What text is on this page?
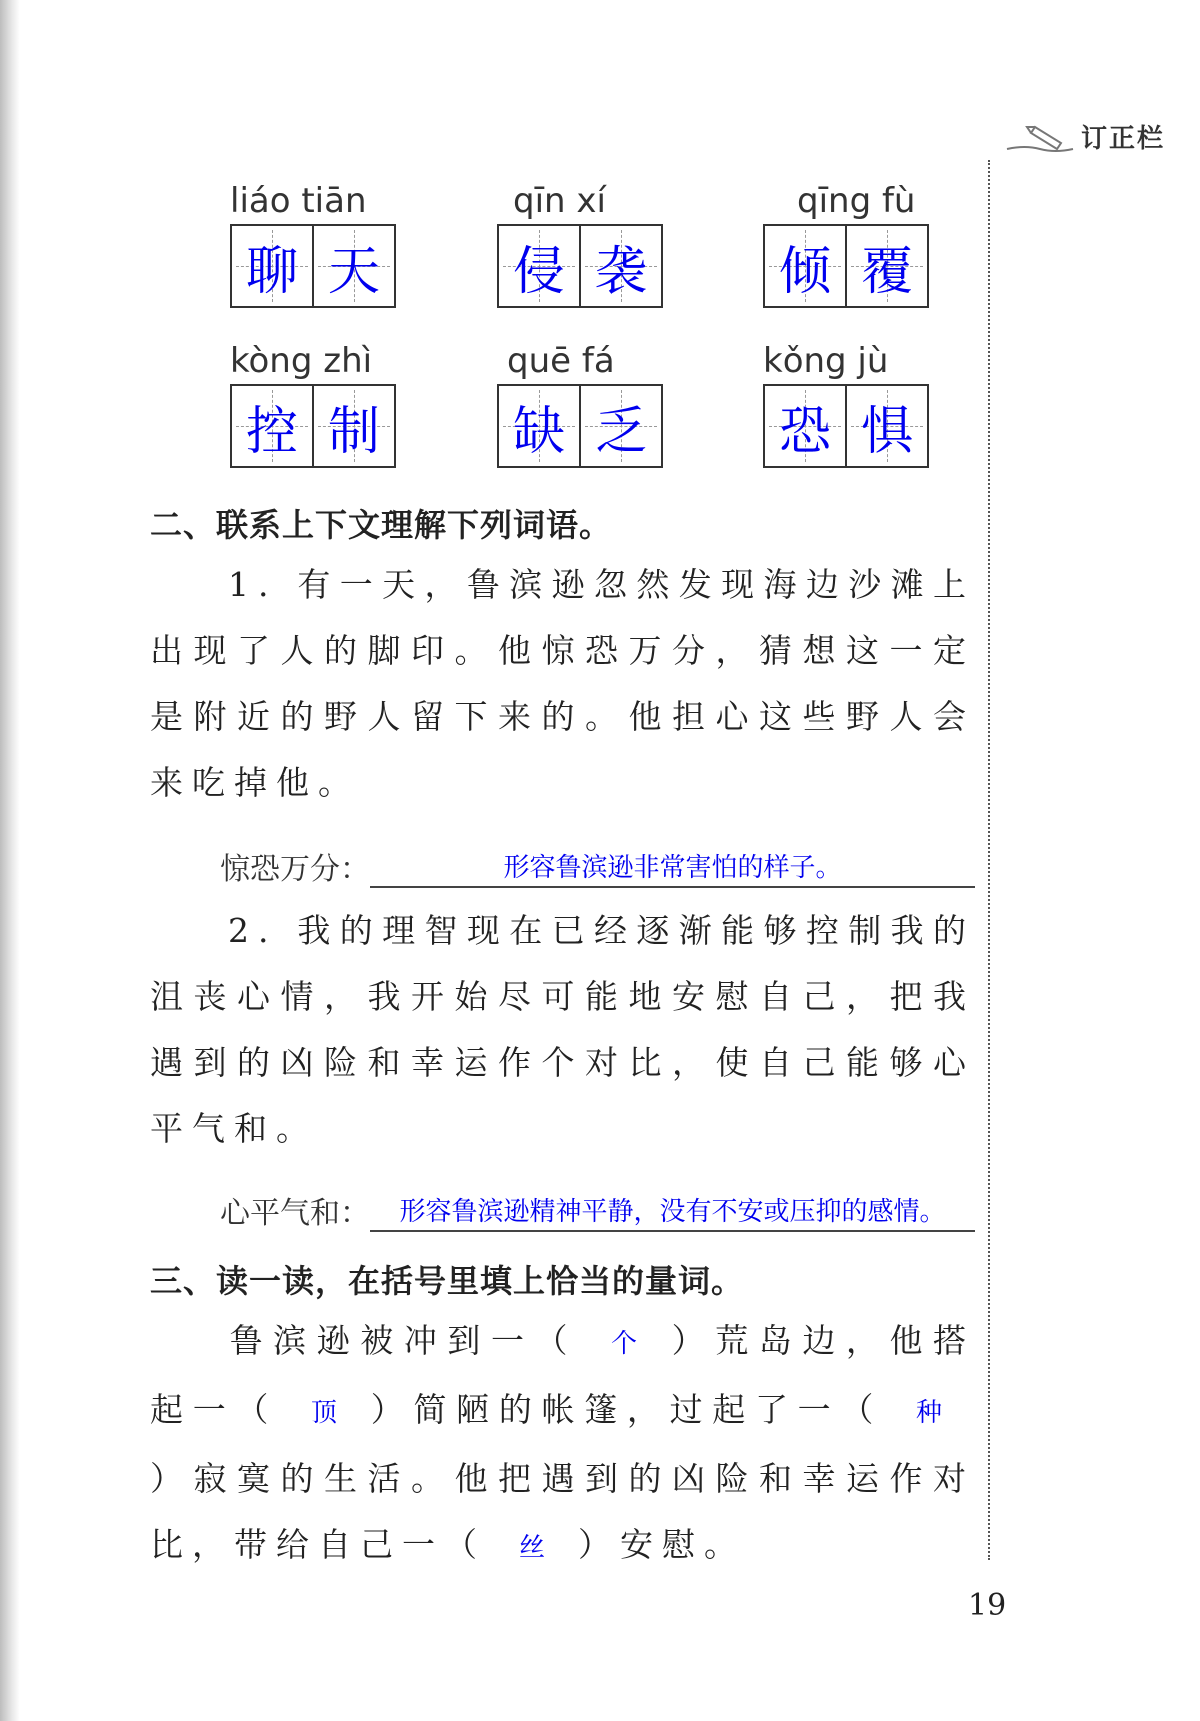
订正栏
liáo tiān
聊 天
qīn xí
侵 袭
qīng fù
倾 覆
kòng zhì
控 制
quē fá
缺 乏
kǒng jù
恐 惧
二、联系上下文理解下列词语。
1. 有一天，鲁滨逊忽然发现海边沙滩上出现了人的脚印。他惊恐万分，猜想这一定是附近的野人留下来的。他担心这些野人会来吃掉他。
惊恐万分：	形容鲁滨逊非常害怕的样子。
2. 我的理智现在已经逐渐能够控制我的沮丧心情，我开始尽可能地安慰自己，把我遇到的凶险和幸运作个对比，使自己能够心平气和。
心平气和：	形容鲁滨逊精神平静，没有不安或压抑的感情。
三、读一读，在括号里填上恰当的量词。
鲁滨逊被冲到一（ 个 ）荒岛边，他搭起一（ 顶 ）简陋的帐篷，过起了一（ 种）寂寞的生活。他把遇到的凶险和幸运作对比，带给自己一（ 丝 ）安慰。
19
